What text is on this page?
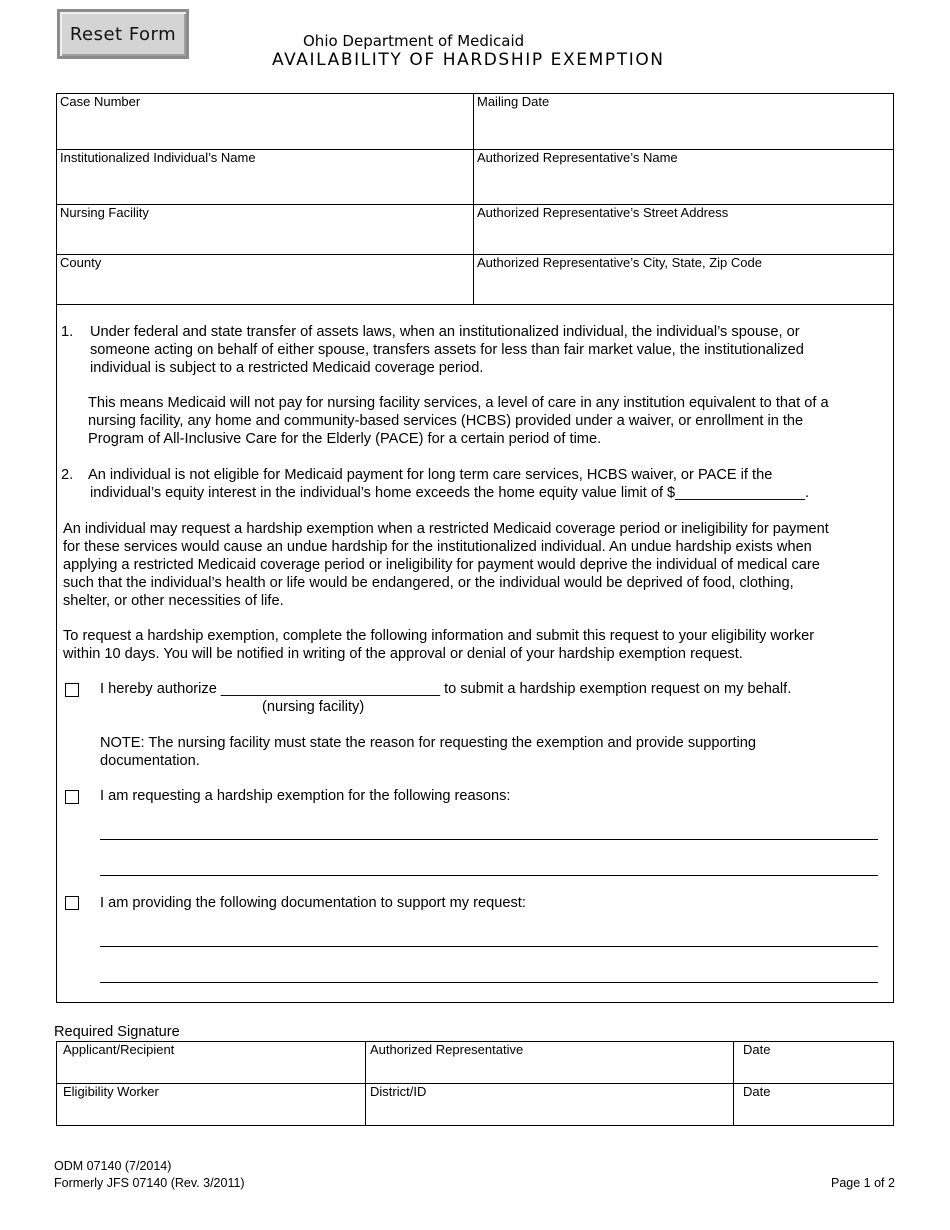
Reset Form	Ohio Department of Medicaid
AVAILABILITY OF HARDSHIP EXEMPTION
Case Number	Mailing Date
Institutionalized Individual’s Name	Authorized Representative’s Name
Nursing Facility	Authorized Representative’s Street Address
County	Authorized Representative’s City, State, Zip Code
1. Under federal and state transfer of assets laws, when an institutionalized individual, the individual’s spouse, or
someone acting on behalf of either spouse, transfers assets for less than fair market value, the institutionalized
individual is subject to a restricted Medicaid coverage period.
This means Medicaid will not pay for nursing facility services, a level of care in any institution equivalent to that of a
nursing facility, any home and community-based services (HCBS) provided under a waiver, or enrollment in the
Program of All-Inclusive Care for the Elderly (PACE) for a certain period of time.
2. An individual is not eligible for Medicaid payment for long term care services, HCBS waiver, or PACE if the
individual’s equity interest in the individual’s home exceeds the home equity value limit of $________________.
An individual may request a hardship exemption when a restricted Medicaid coverage period or ineligibility for payment
for these services would cause an undue hardship for the institutionalized individual. An undue hardship exists when
applying a restricted Medicaid coverage period or ineligibility for payment would deprive the individual of medical care
such that the individual’s health or life would be endangered, or the individual would be deprived of food, clothing,
shelter, or other necessities of life.
To request a hardship exemption, complete the following information and submit this request to your eligibility worker
within 10 days. You will be notified in writing of the approval or denial of your hardship exemption request.
I hereby authorize ___________________________ to submit a hardship exemption request on my behalf.
(nursing facility)
NOTE: The nursing facility must state the reason for requesting the exemption and provide supporting
documentation.
I am requesting a hardship exemption for the following reasons:
I am providing the following documentation to support my request:
Required Signature
Applicant/Recipient	Authorized Representative	Date
Eligibility Worker	District/ID	Date
ODM 07140 (7/2014)
Formerly JFS 07140 (Rev. 3/2011)	Page 1 of 2
